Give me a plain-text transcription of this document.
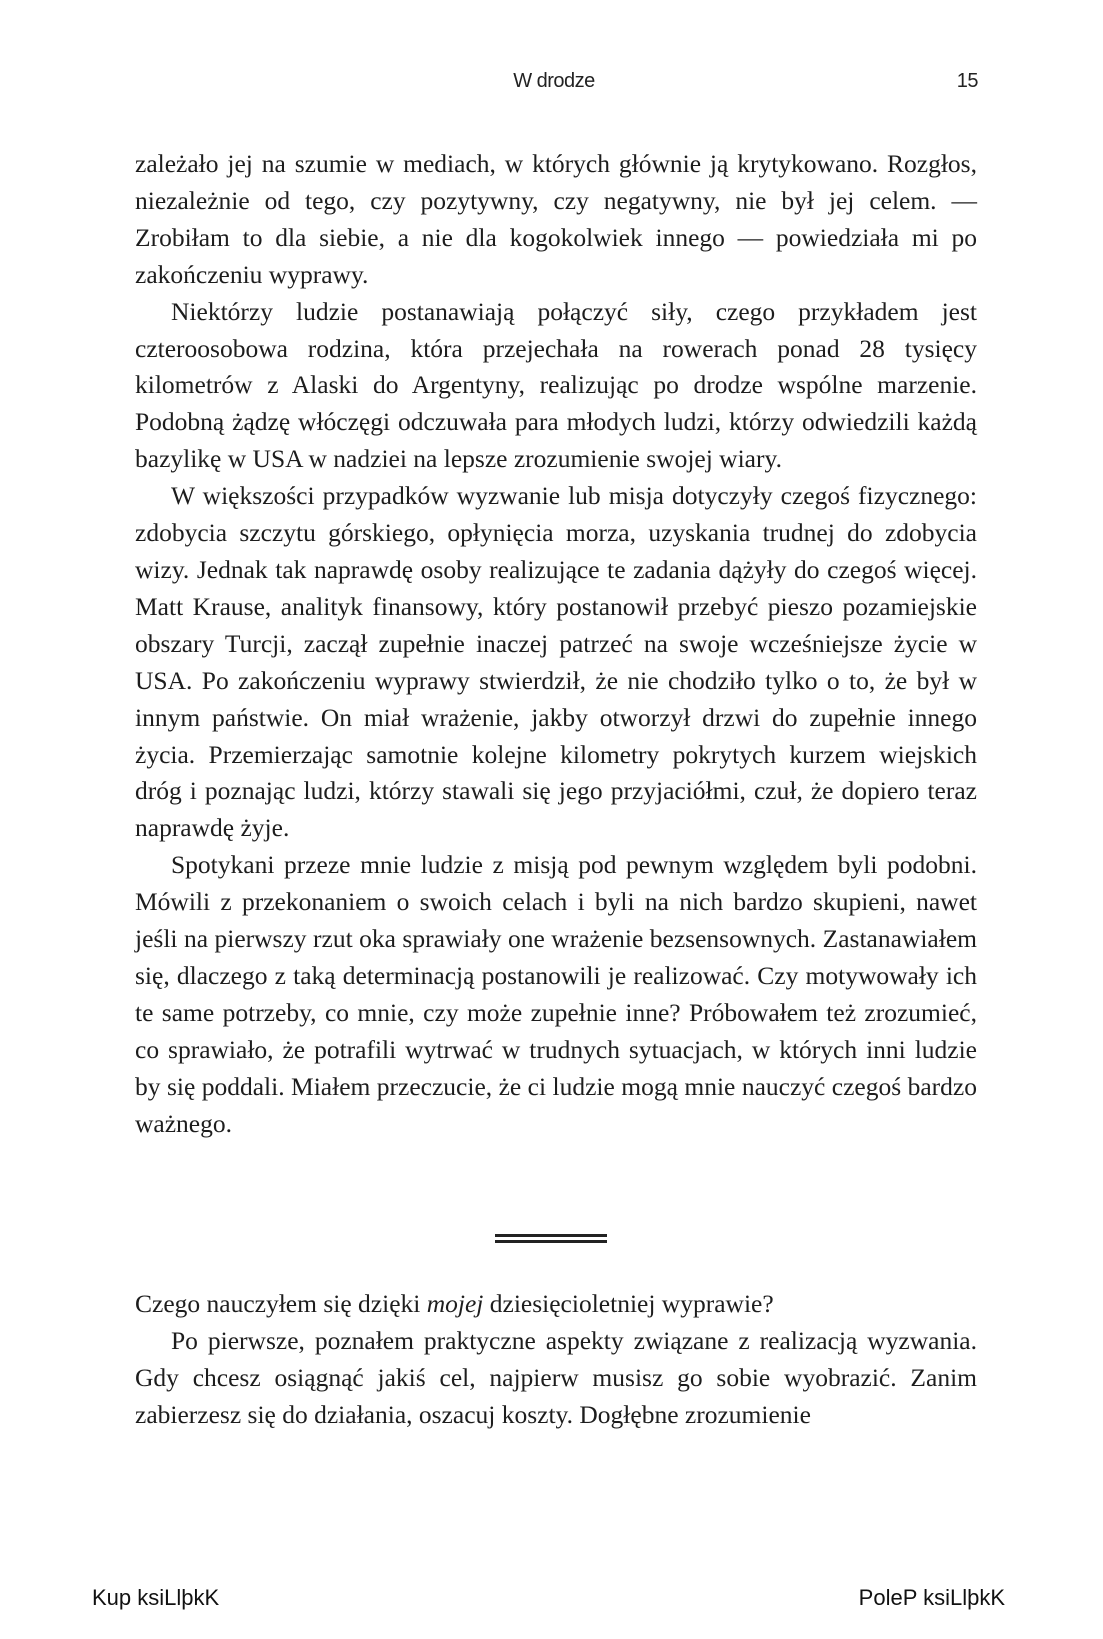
W drodze	15

zależało jej na szumie w mediach, w których głównie ją krytykowano. Rozgłos, niezależnie od tego, czy pozytywny, czy negatywny, nie był jej celem. — Zrobiłam to dla siebie, a nie dla kogokolwiek innego — powiedziała mi po zakończeniu wyprawy.

Niektórzy ludzie postanawiają połączyć siły, czego przykładem jest czteroosobowa rodzina, która przejechała na rowerach ponad 28 tysięcy kilometrów z Alaski do Argentyny, realizując po drodze wspólne marzenie. Podobną żądzę włóczęgi odczuwała para młodych ludzi, którzy odwiedzili każdą bazylikę w USA w nadziei na lepsze zrozumienie swojej wiary.

W większości przypadków wyzwanie lub misja dotyczyły czegoś fizycznego: zdobycia szczytu górskiego, opłynięcia morza, uzyskania trudnej do zdobycia wizy. Jednak tak naprawdę osoby realizujące te zadania dążyły do czegoś więcej. Matt Krause, analityk finansowy, który postanowił przebyć pieszo pozamiejskie obszary Turcji, zaczął zupełnie inaczej patrzeć na swoje wcześniejsze życie w USA. Po zakończeniu wyprawy stwierdził, że nie chodziło tylko o to, że był w innym państwie. On miał wrażenie, jakby otworzył drzwi do zupełnie innego życia. Przemierzając samotnie kolejne kilometry pokrytych kurzem wiejskich dróg i poznając ludzi, którzy stawali się jego przyjaciółmi, czuł, że dopiero teraz naprawdę żyje.

Spotykani przeze mnie ludzie z misją pod pewnym względem byli podobni. Mówili z przekonaniem o swoich celach i byli na nich bardzo skupieni, nawet jeśli na pierwszy rzut oka sprawiały one wrażenie bezsensownych. Zastanawiałem się, dlaczego z taką determinacją postanowili je realizować. Czy motywowały ich te same potrzeby, co mnie, czy może zupełnie inne? Próbowałem też zrozumieć, co sprawiało, że potrafili wytrwać w trudnych sytuacjach, w których inni ludzie by się poddali. Miałem przeczucie, że ci ludzie mogą mnie nauczyć czegoś bardzo ważnego.

Czego nauczyłem się dzięki mojej dziesięcioletniej wyprawie?

Po pierwsze, poznałem praktyczne aspekty związane z realizacją wyzwania. Gdy chcesz osiągnąć jakiś cel, najpierw musisz go sobie wyobrazić. Zanim zabierzesz się do działania, oszacuj koszty. Dogłębne zrozumienie

Kup ksiLlþkK	PoleP ksiLlþkK
